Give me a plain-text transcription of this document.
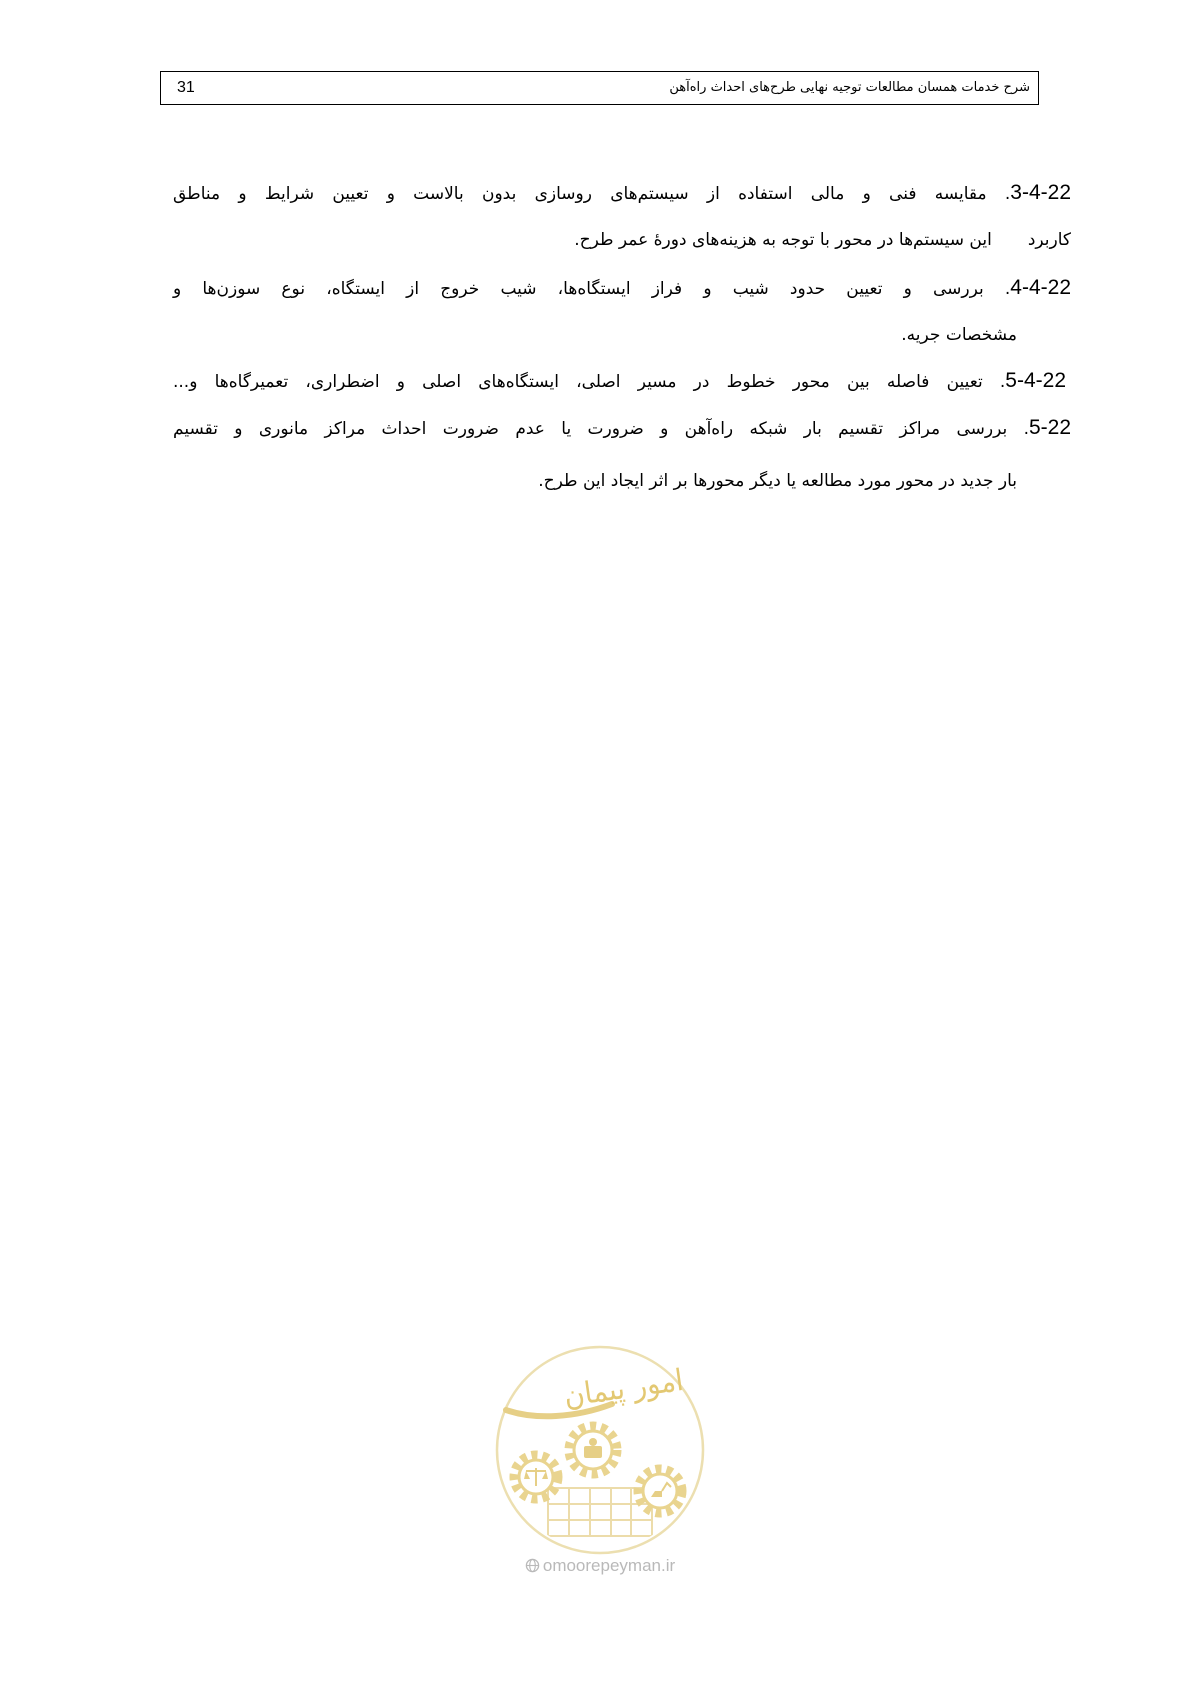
31	شرح خدمات همسان مطالعات توجیه نهایی طرح‌های احداث راه‌آهن
3-4-22. مقایسه فنی و مالی استفاده از سیستم‌های روسازی بدون بالاست و تعیین شرایط و مناطق
کاربرداین سیستم‌ها در محور با توجه به هزینه‌های دورهٔ عمر طرح.
4-4-22. بررسی و تعیین حدود شیب و فراز ایستگاه‌ها، شیب خروج از ایستگاه، نوع سوزن‌ها و
مشخصات جریه.
5-4-22. تعیین فاصله بین محور خطوط در مسیر اصلی، ایستگاه‌های اصلی و اضطراری، تعمیرگاه‌ها و...
5-22. بررسی مراکز تقسیم بار شبکه راه‌آهن و ضرورت یا عدم ضرورت احداث مراکز مانوری و تقسیم
بار جدید در محور مورد مطالعه یا دیگر محورها بر اثر ایجاد این طرح.
امور پیمان
omoorepeyman.ir
